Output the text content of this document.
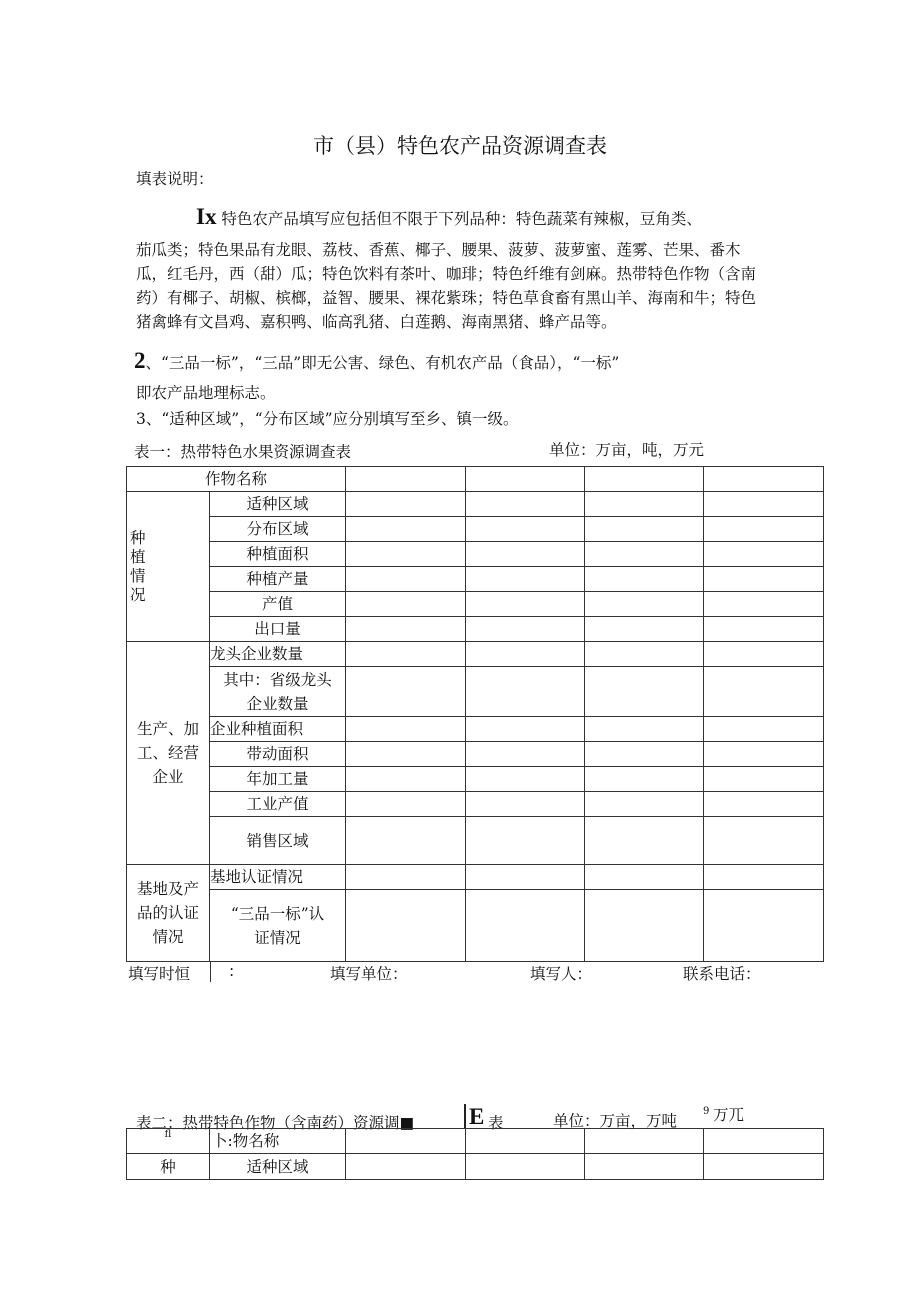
市（县）特色农产品资源调查表
填表说明：
Ix 特色农产品填写应包括但不限于下列品种：特色蔬菜有辣椒，豆角类、
茄瓜类；特色果品有龙眼、荔枝、香蕉、椰子、腰果、菠萝、菠萝蜜、莲雾、芒果、番木
瓜，红毛丹，西（甜）瓜；特色饮料有茶叶、咖琲；特色纤维有剑麻。热带特色作物（含南
药）有椰子、胡椒、槟榔，益智、腰果、裸花紫珠；特色草食畜有黑山羊、海南和牛；特色
猪禽蜂有文昌鸡、嘉积鸭、临高乳猪、白莲鹅、海南黑猪、蜂产品等。
2、“三品一标”，“三品”即无公害、绿色、有机农产品（食品），“一标”
即农产品地理标志。
3、“适种区域”，“分布区域”应分别填写至乡、镇一级。
表一：热带特色水果资源调查表	单位：万亩，吨，万元
作物名称						

种
植
情
况	适种区域					
	分布区域					
	种植面积					
	种植产量					
	产值					
	出口量					

生产、加
工、经营
企业	龙头企业数量					

	其中：省级龙头
企业数量					

	企业种植面积					
	带动面积					
	年加工量					
	工业产值					
	销售区域					

基地及产
品的认证
情况	基地认证情况					

	“三品一标”认
证情况					

填写时恒	:	填写单位：	填写人：	联系电话：
表二：热带特色作物（含南药）资源调■ E 表	单位：万亩，万吨
9 万兀
fl	卜:物名称				
种	适种区域				
